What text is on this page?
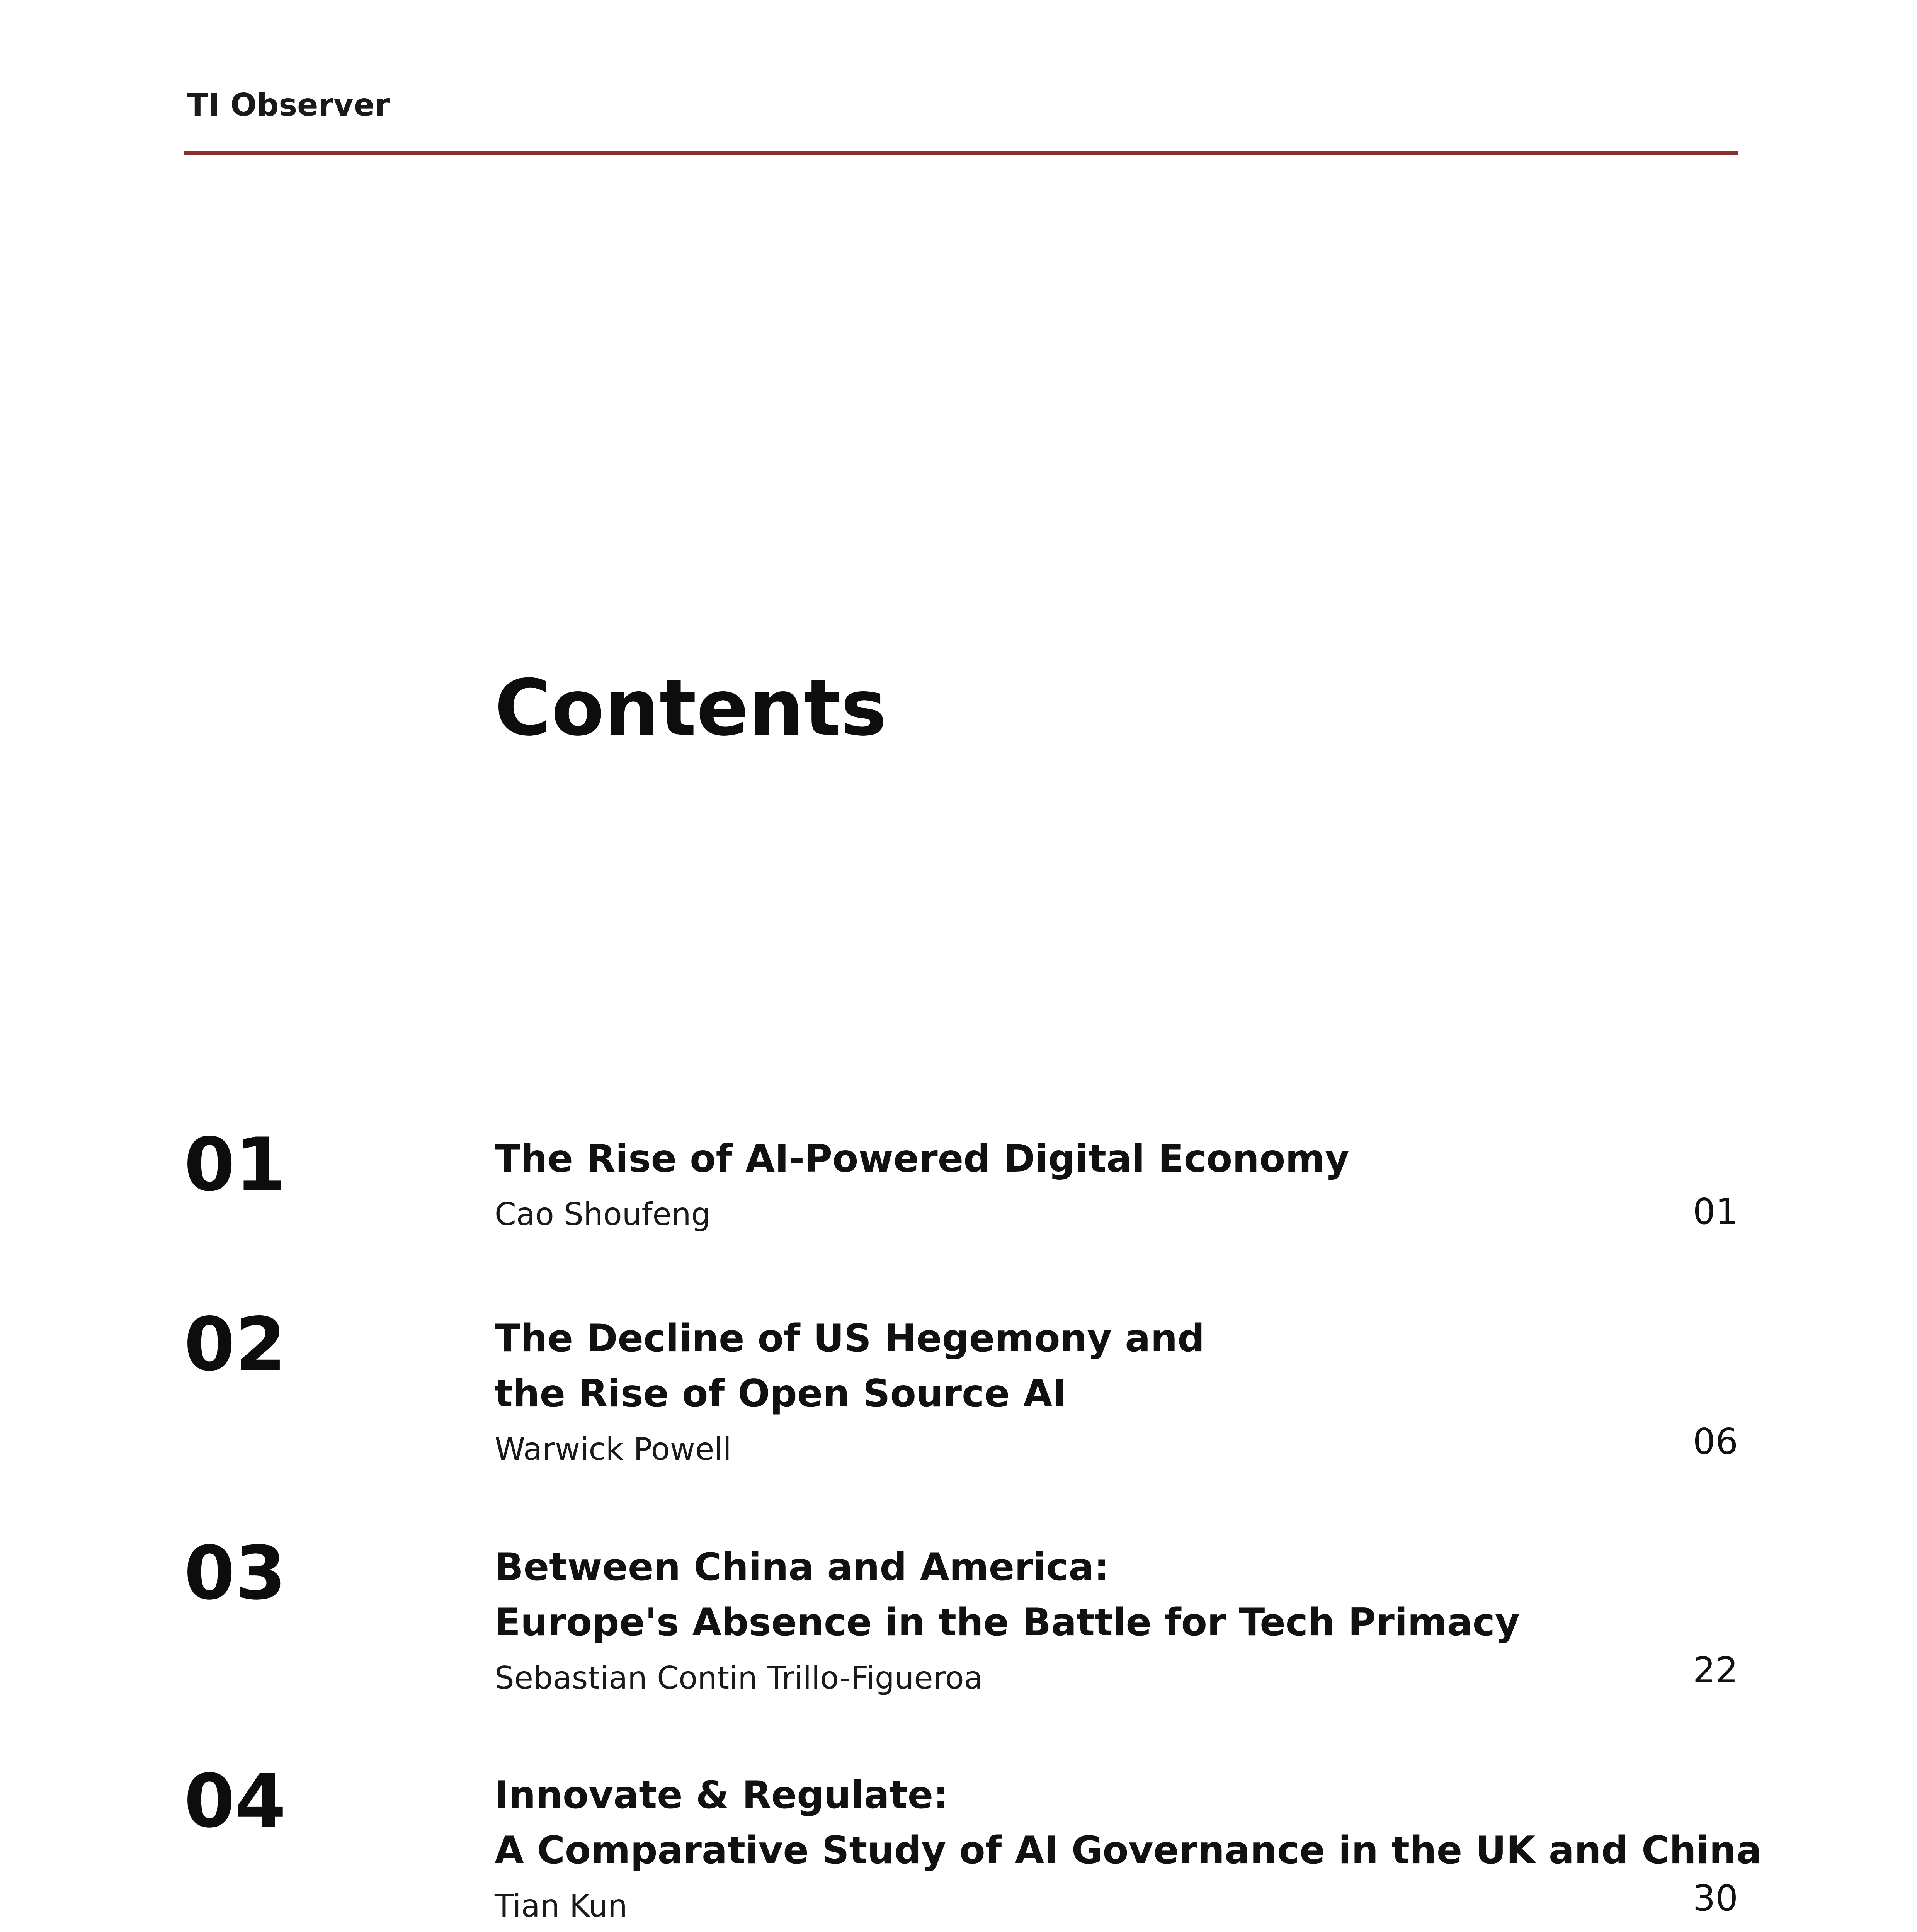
TI Observer
Contents
01	The Rise of AI-Powered Digital Economy
Cao Shoufeng	01
02	The Decline of US Hegemony and
the Rise of Open Source AI
Warwick Powell	06
03	Between China and America:
Europe's Absence in the Battle for Tech Primacy
Sebastian Contin Trillo-Figueroa	22
04	Innovate & Regulate:
A Comparative Study of AI Governance in the UK and China
Tian Kun	30
